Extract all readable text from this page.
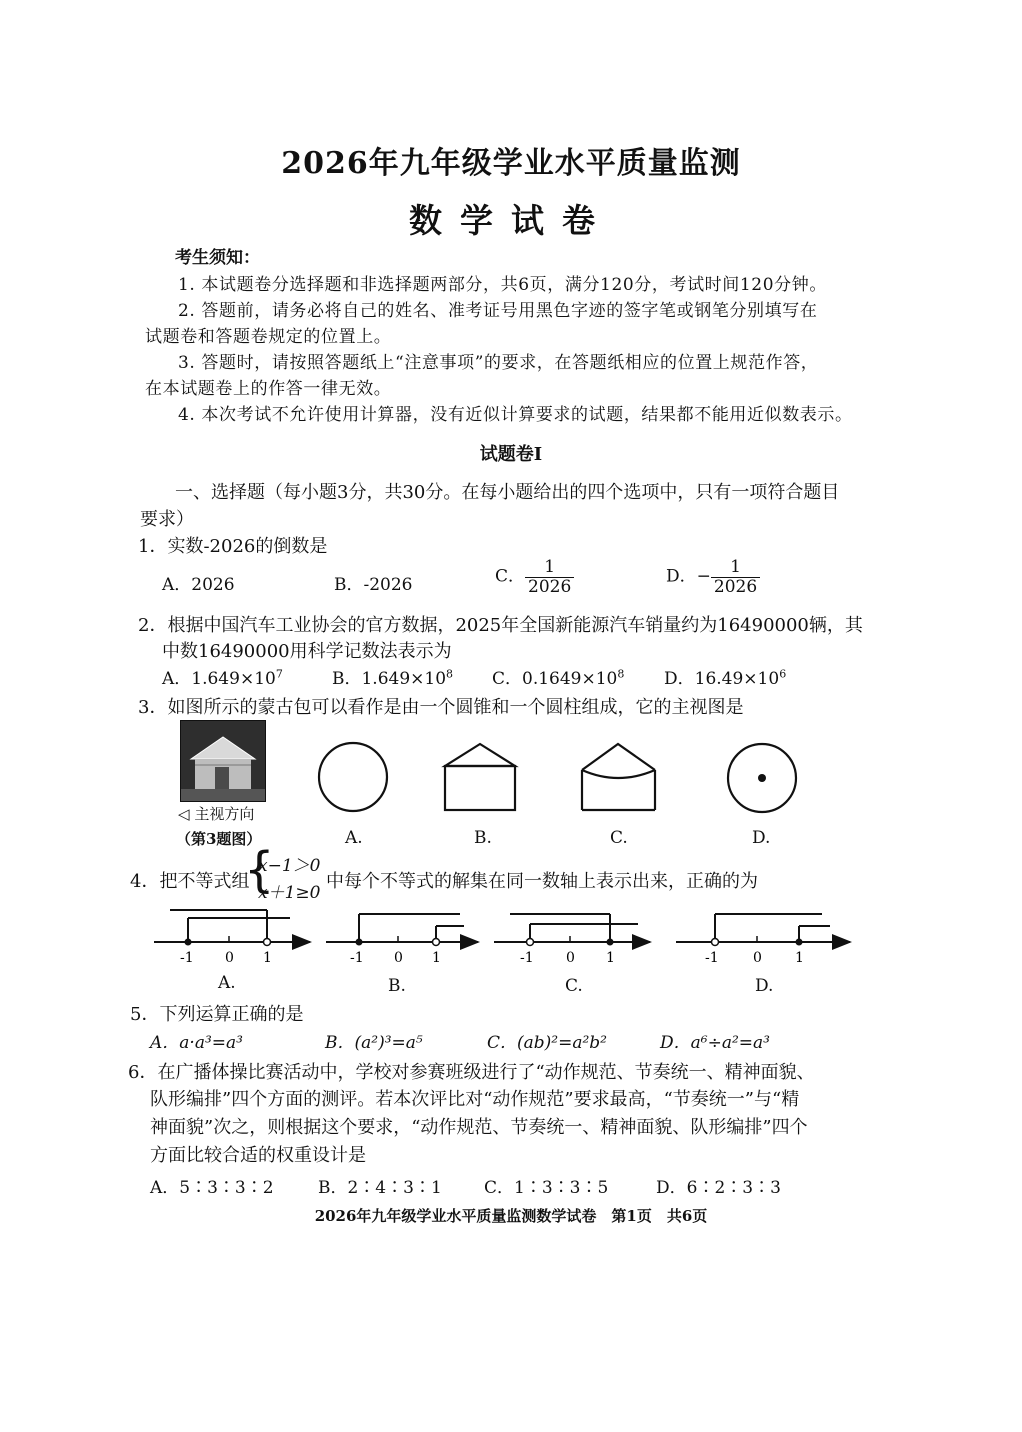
2026年九年级学业水平质量监测
数学试卷
考生须知：
1. 本试题卷分选择题和非选择题两部分，共6页，满分120分，考试时间120分钟。
2. 答题前，请务必将自己的姓名、准考证号用黑色字迹的签字笔或钢笔分别填写在
试题卷和答题卷规定的位置上。
3. 答题时，请按照答题纸上“注意事项”的要求，在答题纸相应的位置上规范作答，
在本试题卷上的作答一律无效。
4. 本次考试不允许使用计算器，没有近似计算要求的试题，结果都不能用近似数表示。
试题卷Ⅰ
一、选择题（每小题3分，共30分。在每小题给出的四个选项中，只有一项符合题目
要求）
1．实数-2026的倒数是
A．2026	B．-2026	C． $\frac{1}{2026}$	D．− $\frac{1}{2026}$
2．根据中国汽车工业协会的官方数据，2025年全国新能源汽车销量约为16490000辆，其
中数16490000用科学记数法表示为
A．$1.649\times 10^7$	B．$1.649\times 10^8$ C．$0.1649\times 10^8$ D．$16.49\times 10^6$
3．如图所示的蒙古包可以看作是由一个圆锥和一个圆柱组成，它的主视图是
◁ 主视方向
（第3题图）	A.	B.	C.	D.
4．把不等式组
{
x−1＞0
x＋1≥0
中每个不等式的解集在同一数轴上表示出来，正确的为
-1 0 1	-1 0 1	-1 0 1	-1 0 1
A.	B.	C.	D.
5．下列运算正确的是
A．a·a³=a³	B．(a²)³=a⁵	C．(ab)²=a²b²	D．a⁶÷a²=a³
6．在广播体操比赛活动中，学校对参赛班级进行了“动作规范、节奏统一、精神面貌、
队形编排”四个方面的测评。若本次评比对“动作规范”要求最高，“节奏统一”与“精
神面貌”次之，则根据这个要求，“动作规范、节奏统一、精神面貌、队形编排”四个
方面比较合适的权重设计是
A．5∶3∶3∶2	B．2∶4∶3∶1 C．1∶3∶3∶5	D．6∶2∶3∶3
2026年九年级学业水平质量监测数学试卷　第1页　共6页
